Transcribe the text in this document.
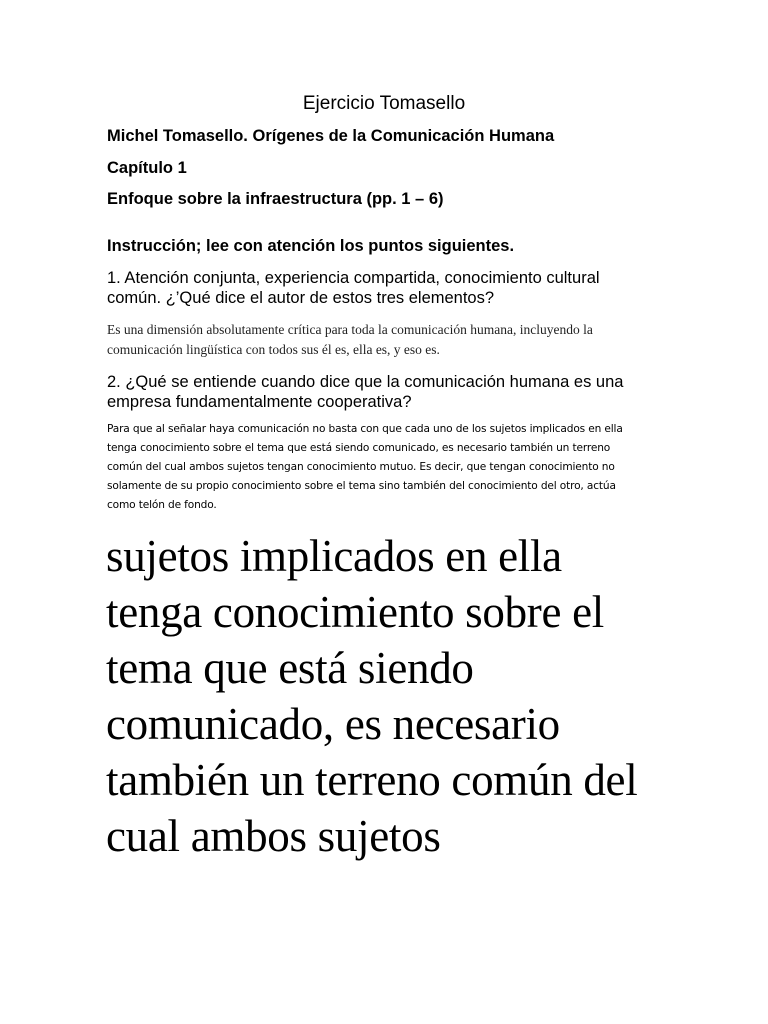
Ejercicio Tomasello
Michel Tomasello. Orígenes de la Comunicación Humana
Capítulo 1
Enfoque sobre la infraestructura (pp. 1 – 6)
Instrucción; lee con atención los puntos siguientes.
1. Atención conjunta, experiencia compartida, conocimiento cultural
común. ¿’Qué dice el autor de estos tres elementos?
Es una dimensión absolutamente crítica para toda la comunicación humana, incluyendo la
comunicación lingüística con todos sus él es, ella es, y eso es.
2. ¿Qué se entiende cuando dice que la comunicación humana es una
empresa fundamentalmente cooperativa?
Para que al señalar haya comunicación no basta con que cada uno de los sujetos implicados en ella
tenga conocimiento sobre el tema que está siendo comunicado, es necesario también un terreno
común del cual ambos sujetos tengan conocimiento mutuo. Es decir, que tengan conocimiento no
solamente de su propio conocimiento sobre el tema sino también del conocimiento del otro, actúa
como telón de fondo.
sujetos implicados en ella
tenga conocimiento sobre el
tema que está siendo
comunicado, es necesario
también un terreno común del
cual ambos sujetos
